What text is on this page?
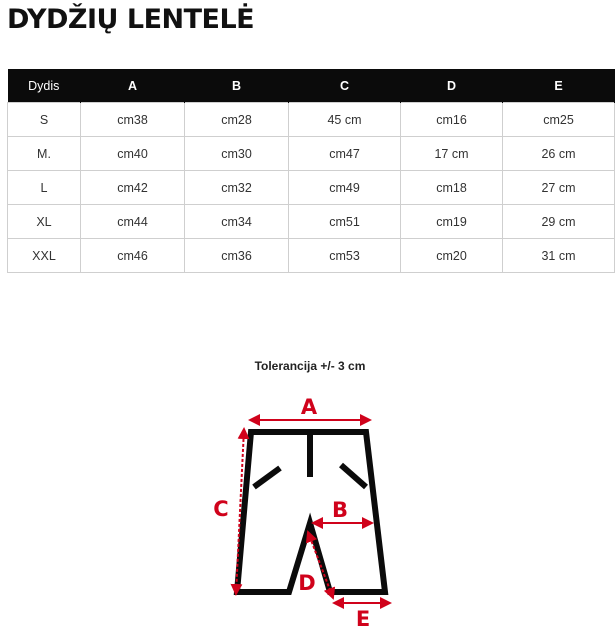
DYDŽIŲ LENTELĖ
Dydis	A	B	C	D	E
S	cm38	cm28	45 cm	cm16	cm25
M.	cm40	cm30	cm47	17 cm	26 cm
L	cm42	cm32	cm49	cm18	27 cm
XL	cm44	cm34	cm51	cm19	29 cm
XXL	cm46	cm36	cm53	cm20	31 cm
Tolerancija +/- 3 cm
A
C	B
D
E
